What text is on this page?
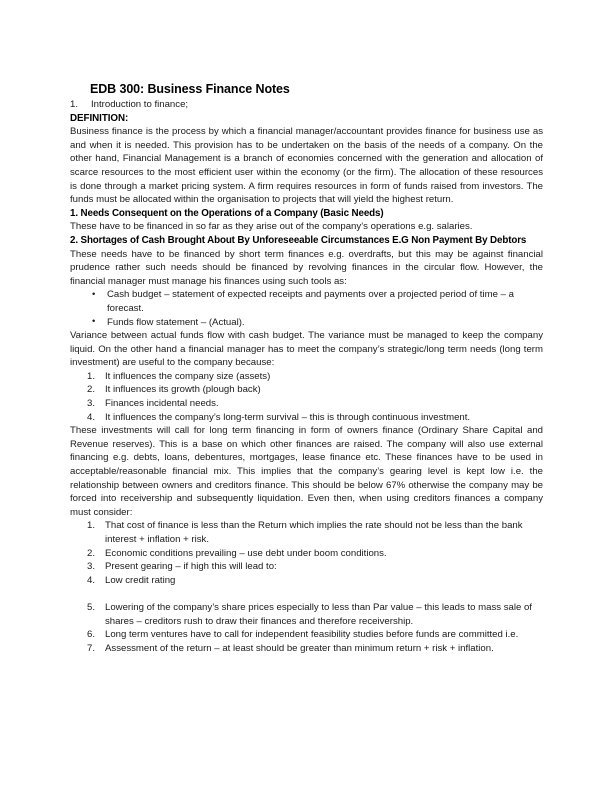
EDB 300: Business Finance Notes
1.	Introduction to finance;
DEFINITION:

Business finance is the process by which a financial manager/accountant provides finance for business use as and when it is needed. This provision has to be undertaken on the basis of the needs of a company. On the other hand, Financial Management is a branch of economies concerned with the generation and allocation of scarce resources to the most efficient user within the economy (or the firm). The allocation of these resources is done through a market pricing system. A firm requires resources in form of funds raised from investors. The funds must be allocated within the organisation to projects that will yield the highest return.

1. Needs Consequent on the Operations of a Company (Basic Needs)

These have to be financed in so far as they arise out of the company’s operations e.g. salaries.

2. Shortages of Cash Brought About By Unforeseeable Circumstances E.G Non Payment By Debtors

These needs have to be financed by short term finances e.g. overdrafts, but this may be against financial prudence rather such needs should be financed by revolving finances in the circular flow. However, the financial manager must manage his finances using such tools as:

• Cash budget – statement of expected receipts and payments over a projected period of time – a forecast.
• Funds flow statement – (Actual).

Variance between actual funds flow with cash budget. The variance must be managed to keep the company liquid. On the other hand a financial manager has to meet the company’s strategic/long term needs (long term investment) are useful to the company because:

1.	It influences the company size (assets)
2.	It influences its growth (plough back)
3.	Finances incidental needs.
4.	It influences the company’s long-term survival – this is through continuous investment.

These investments will call for long term financing in form of owners finance (Ordinary Share Capital and Revenue reserves). This is a base on which other finances are raised. The company will also use external financing e.g. debts, loans, debentures, mortgages, lease finance etc. These finances have to be used in acceptable/reasonable financial mix. This implies that the company’s gearing level is kept low i.e. the relationship between owners and creditors finance. This should be below 67% otherwise the company may be forced into receivership and subsequently liquidation. Even then, when using creditors finances a company must consider:

1.	That cost of finance is less than the Return which implies the rate should not be less than the bank interest + inflation + risk.
2.	Economic conditions prevailing – use debt under boom conditions.
3.	Present gearing – if high this will lead to:
4.	Low credit rating
5.	Lowering of the company’s share prices especially to less than Par value – this leads to mass sale of shares – creditors rush to draw their finances and therefore receivership.
6.	Long term ventures have to call for independent feasibility studies before funds are committed i.e.
7.	Assessment of the return – at least should be greater than minimum return + risk + inflation.
